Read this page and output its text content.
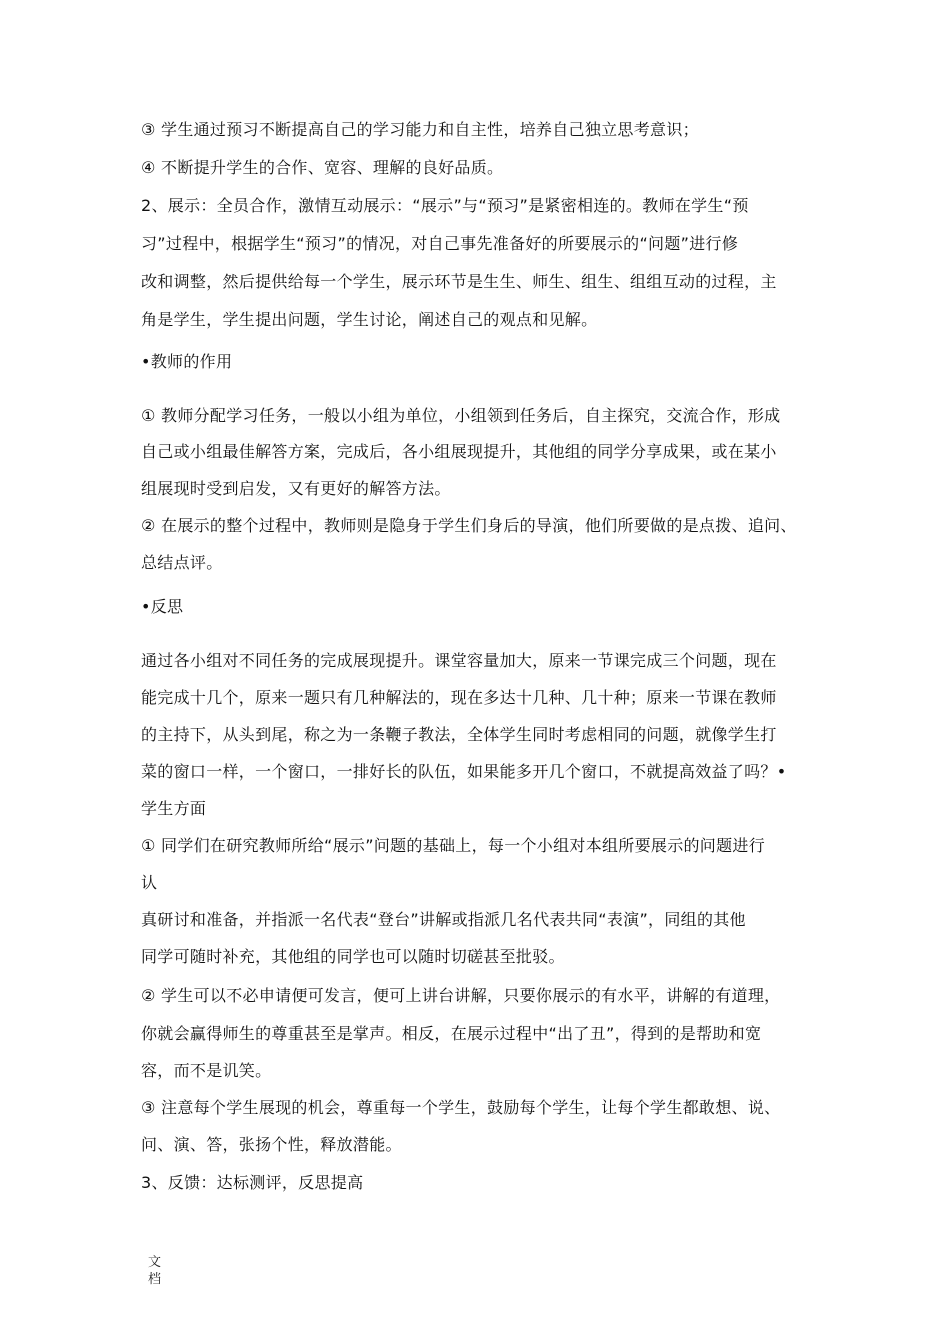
③ 学生通过预习不断提高自己的学习能力和自主性，培养自己独立思考意识；
④ 不断提升学生的合作、宽容、理解的良好品质。
2、展示：全员合作，激情互动展示：“展示”与“预习”是紧密相连的。教师在学生“预
习”过程中，根据学生“预习”的情况，对自己事先准备好的所要展示的“问题”进行修
改和调整，然后提供给每一个学生，展示环节是生生、师生、组生、组组互动的过程，主
角是学生，学生提出问题，学生讨论，阐述自己的观点和见解。
•教师的作用
① 教师分配学习任务，一般以小组为单位，小组领到任务后，自主探究，交流合作，形成
自己或小组最佳解答方案，完成后，各小组展现提升，其他组的同学分享成果，或在某小
组展现时受到启发，又有更好的解答方法。
② 在展示的整个过程中，教师则是隐身于学生们身后的导演，他们所要做的是点拨、追问、
总结点评。
•反思
通过各小组对不同任务的完成展现提升。课堂容量加大，原来一节课完成三个问题，现在
能完成十几个，原来一题只有几种解法的，现在多达十几种、几十种；原来一节课在教师
的主持下，从头到尾，称之为一条鞭子教法，全体学生同时考虑相同的问题，就像学生打
菜的窗口一样，一个窗口，一排好长的队伍，如果能多开几个窗口，不就提高效益了吗？•
学生方面
① 同学们在研究教师所给“展示”问题的基础上，每一个小组对本组所要展示的问题进行
认
真研讨和准备，并指派一名代表“登台”讲解或指派几名代表共同“表演”，同组的其他
同学可随时补充，其他组的同学也可以随时切磋甚至批驳。
② 学生可以不必申请便可发言，便可上讲台讲解，只要你展示的有水平，讲解的有道理，
你就会赢得师生的尊重甚至是掌声。相反，在展示过程中“出了丑”，得到的是帮助和宽
容，而不是讥笑。
③ 注意每个学生展现的机会，尊重每一个学生，鼓励每个学生，让每个学生都敢想、说、
问、演、答，张扬个性，释放潜能。
3、反馈：达标测评，反思提高
文
档
